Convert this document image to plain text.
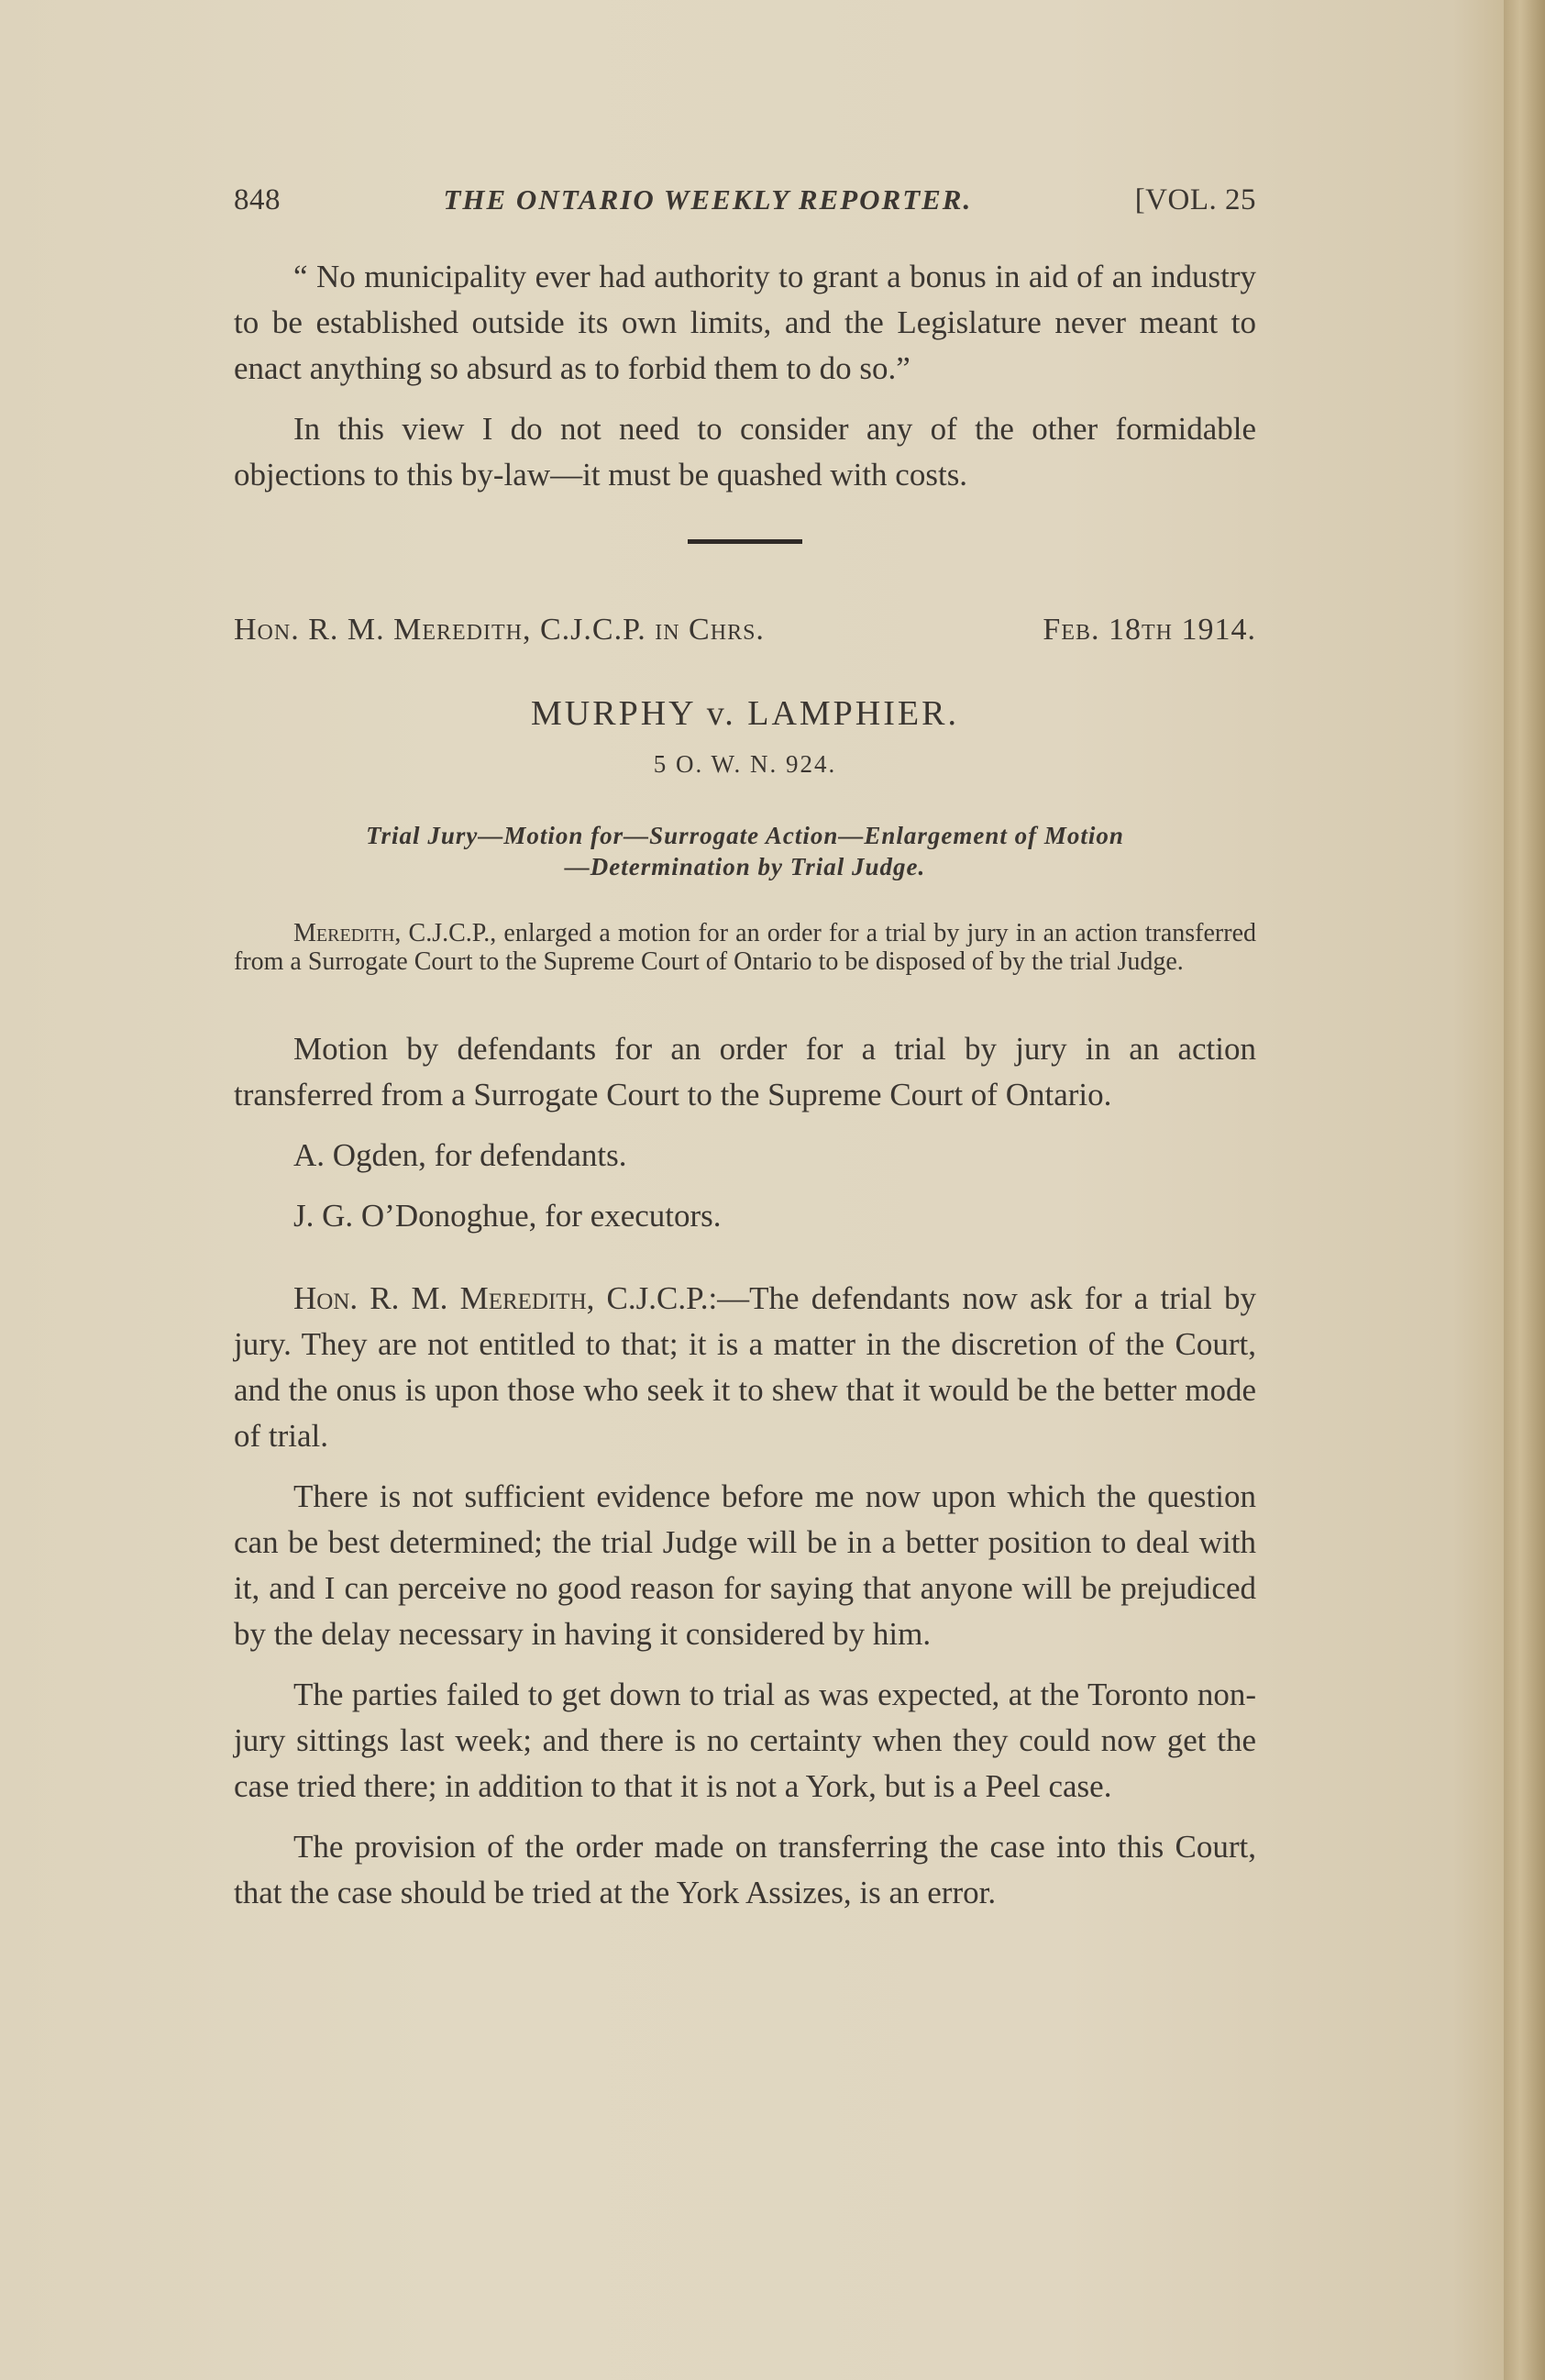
848	THE ONTARIO WEEKLY REPORTER.	[VOL. 25

“ No municipality ever had authority to grant a bonus in aid of an industry to be established outside its own limits, and the Legislature never meant to enact anything so absurd as to forbid them to do so.”

In this view I do not need to consider any of the other formidable objections to this by-law—it must be quashed with costs.

Hon. R. M. Meredith, C.J.C.P. in Chrs.	Feb. 18th 1914.
MURPHY v. LAMPHIER.
5 O. W. N. 924.
Trial Jury—Motion for—Surrogate Action—Enlargement of Motion
—Determination by Trial Judge.
Meredith, C.J.C.P., enlarged a motion for an order for a trial by jury in an action transferred from a Surrogate Court to the Supreme Court of Ontario to be disposed of by the trial Judge.

Motion by defendants for an order for a trial by jury in an action transferred from a Surrogate Court to the Supreme Court of Ontario.

A. Ogden, for defendants.

J. G. O’Donoghue, for executors.

Hon. R. M. Meredith, C.J.C.P.:—The defendants now ask for a trial by jury. They are not entitled to that; it is a matter in the discretion of the Court, and the onus is upon those who seek it to shew that it would be the better mode of trial.

There is not sufficient evidence before me now upon which the question can be best determined; the trial Judge will be in a better position to deal with it, and I can perceive no good reason for saying that anyone will be prejudiced by the delay necessary in having it considered by him.

The parties failed to get down to trial as was expected, at the Toronto non-jury sittings last week; and there is no certainty when they could now get the case tried there; in addition to that it is not a York, but is a Peel case.

The provision of the order made on transferring the case into this Court, that the case should be tried at the York Assizes, is an error.
